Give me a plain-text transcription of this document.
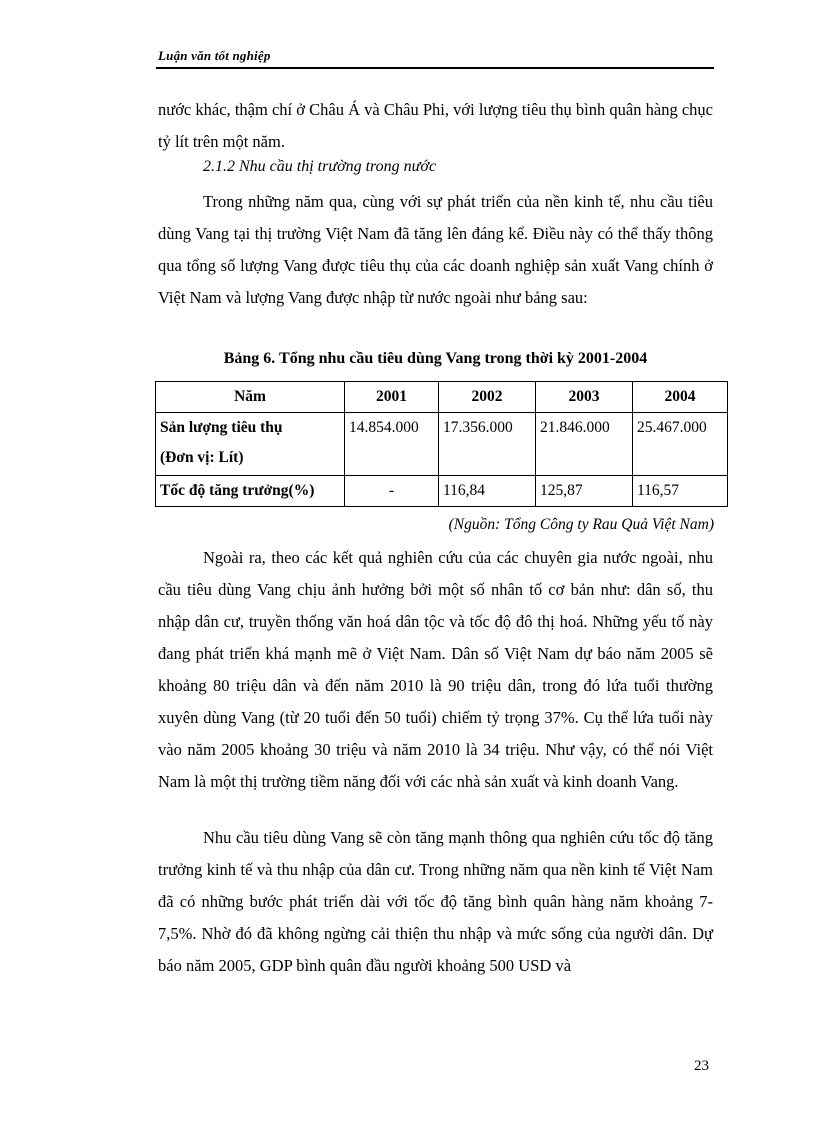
Luận văn tốt nghiệp

nước khác, thậm chí ở Châu Á và Châu Phi, với lượng tiêu thụ bình quân hàng chục tỷ lít trên một năm.

2.1.2 Nhu cầu thị trường trong nước

Trong những năm qua, cùng với sự phát triển của nền kinh tế, nhu cầu tiêu dùng Vang tại thị trường Việt Nam đã tăng lên đáng kể. Điều này có thể thấy thông qua tổng số lượng Vang được tiêu thụ của các doanh nghiệp sản xuất Vang chính ở Việt Nam và lượng Vang được nhập từ nước ngoài như bảng sau:

Bảng 6. Tổng nhu cầu tiêu dùng Vang trong thời kỳ 2001-2004
Năm	2001	2002	2003	2004

Sản lượng tiêu thụ
(Đơn vị: Lít)	14.854.000	17.356.000	21.846.000	25.467.000
Tốc độ tăng trưởng(%)	-	116,84	125,87	116,57
(Nguồn: Tổng Công ty Rau Quả Việt Nam)

Ngoài ra, theo các kết quả nghiên cứu của các chuyên gia nước ngoài, nhu cầu tiêu dùng Vang chịu ảnh hưởng bởi một số nhân tố cơ bản như: dân số, thu nhập dân cư, truyền thống văn hoá dân tộc và tốc độ đô thị hoá. Những yếu tố này đang phát triển khá mạnh mẽ ở Việt Nam. Dân số Việt Nam dự báo năm 2005 sẽ khoảng 80 triệu dân và đến năm 2010 là 90 triệu dân, trong đó lứa tuổi thường xuyên dùng Vang (từ 20 tuổi đến 50 tuổi) chiếm tỷ trọng 37%. Cụ thể lứa tuổi này vào năm 2005 khoảng 30 triệu và năm 2010 là 34 triệu. Như vậy, có thể nói Việt Nam là một thị trường tiềm năng đối với các nhà sản xuất và kinh doanh Vang.

Nhu cầu tiêu dùng Vang sẽ còn tăng mạnh thông qua nghiên cứu tốc độ tăng trưởng kinh tế và thu nhập của dân cư. Trong những năm qua nền kinh tế Việt Nam đã có những bước phát triển dài với tốc độ tăng bình quân hàng năm khoảng 7-7,5%. Nhờ đó đã không ngừng cải thiện thu nhập và mức sống của người dân. Dự báo năm 2005, GDP bình quân đầu người khoảng 500 USD và

23
